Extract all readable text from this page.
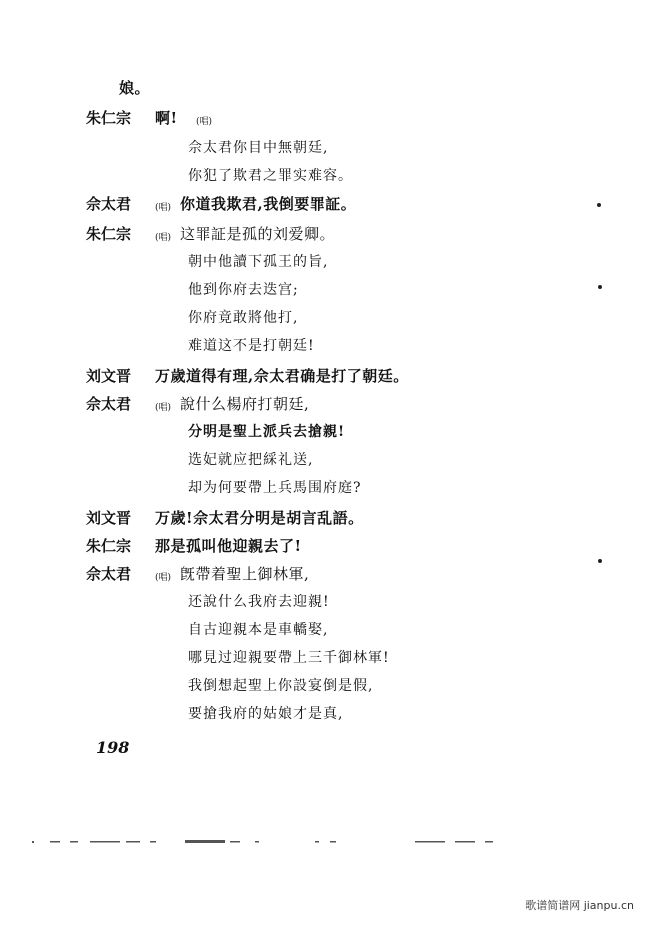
娘。
朱仁宗 啊! (唱)
佘太君你目中無朝廷,
你犯了欺君之罪实难容。
佘太君	(唱) 你道我欺君,我倒要罪証。
朱仁宗	(唱) 这罪証是孤的刘爱卿。
朝中他讀下孤王的旨,
他到你府去迭宫;
你府竟敢將他打,
难道这不是打朝廷!
刘文晋 万歲道得有理,佘太君确是打了朝廷。
佘太君	(唱) 說什么楊府打朝廷,
分明是聖上派兵去搶親!
选妃就应把綵礼送,
却为何要帶上兵馬围府庭?
刘文晋 万歲!佘太君分明是胡言乱語。
朱仁宗 那是孤叫他迎親去了!
佘太君	(唱) 旣帶着聖上御林軍,
还說什么我府去迎親!
自古迎親本是車轎娶,
哪見过迎親要帶上三千御林軍!
我倒想起聖上你設宴倒是假,
要搶我府的姑娘才是真,
198
歌谱简谱网 jianpu.cn
